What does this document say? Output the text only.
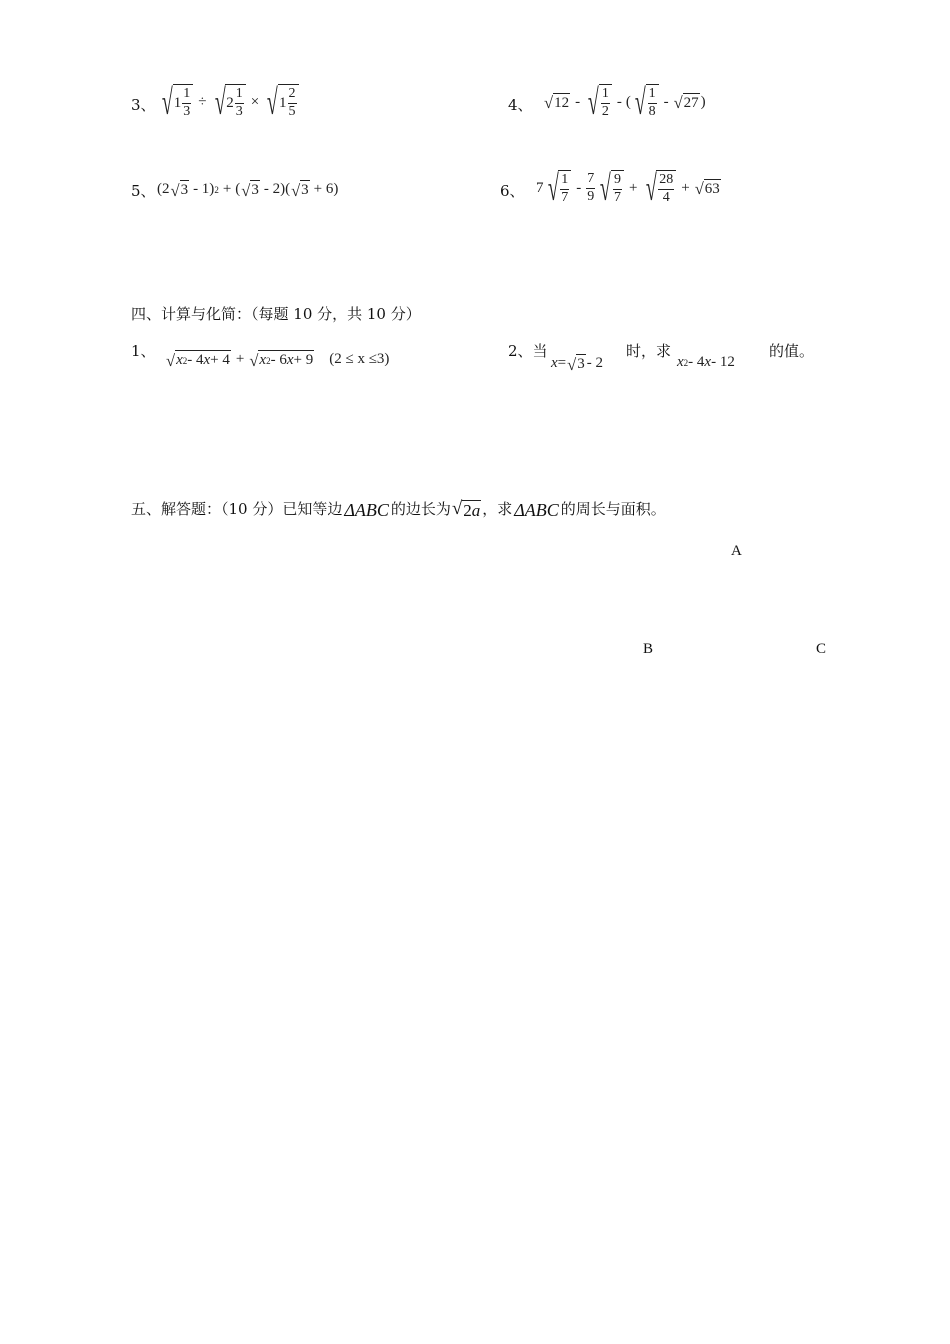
3、 √ $1 \frac{1}{3}$ ÷ √ $2 \frac{1}{3}$ × √ $1 \frac{2}{5}$	4、 √ 12 - √ $\frac{1}{2}$ - ( √ $\frac{1}{8}$ - √ 27 )
5、 (2 √ 3 - 1) 2 + ( √ 3 - 2)( √ 3 + 6)	6、 7 √ $\frac{1}{7} - \frac{7}{9}$ √ $\frac{9}{7}$ + √ $\frac{28}{4}$ + √ 63
四、计算与化简：（每题 10 分，共 10 分）
1、 √ x 2 - 4 x + 4 + √ x 2 - 6 x + 9 (2 ≤ x ≤3)	2、当
x = √ 3 - 2
时，求
x 2 - 4 x - 12
的值。
五、解答题：（10 分）已知等边 ΔABC 的边长为 √ 2 a ，求 ΔABC 的周长与面积。
A
B	C
